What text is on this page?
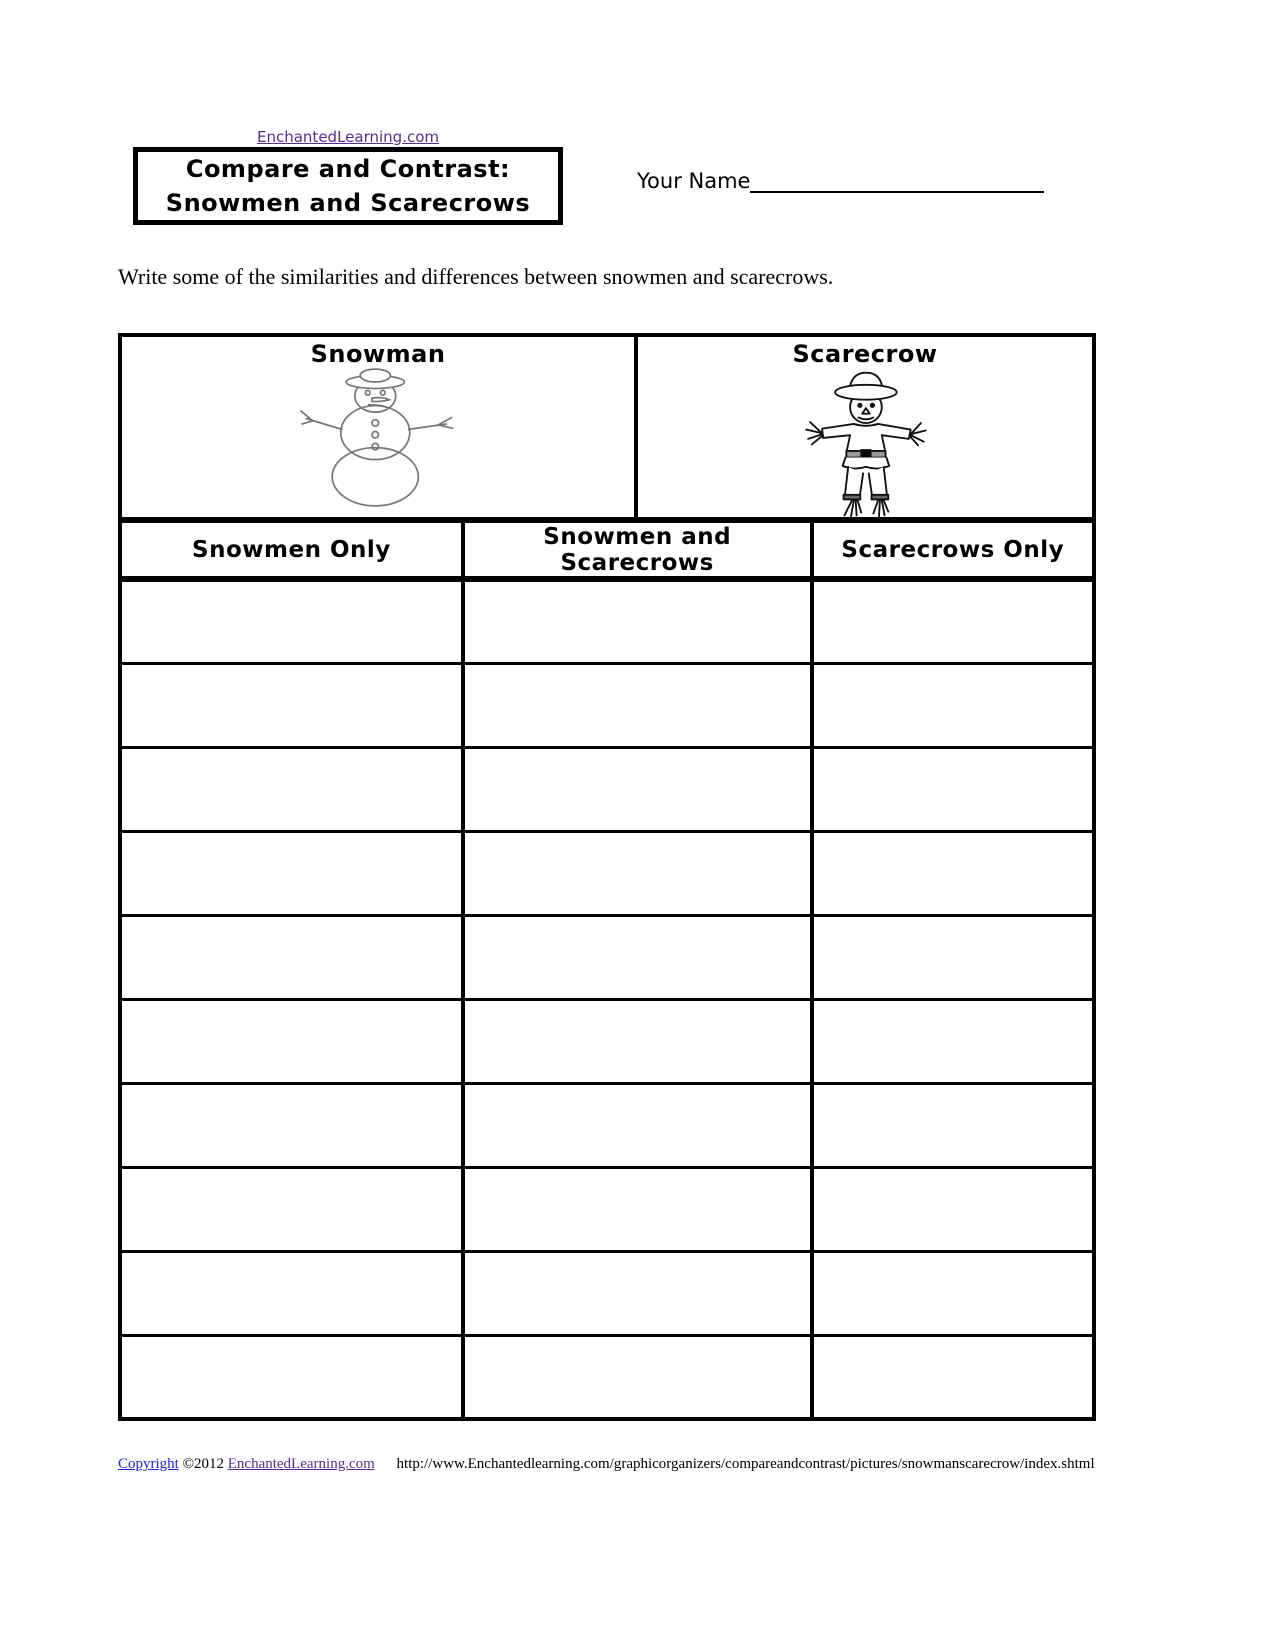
EnchantedLearning.com
Compare and Contrast:
Snowmen and Scarecrows
Your Name
Write some of the similarities and differences between snowmen and scarecrows.
Snowman	Scarecrow
Snowmen Only	Snowmen and Scarecrows	Scarecrows Only

Copyright ©2012 EnchantedLearning.com http://www.Enchantedlearning.com/graphicorganizers/compareandcontrast/pictures/snowmanscarecrow/index.shtml
